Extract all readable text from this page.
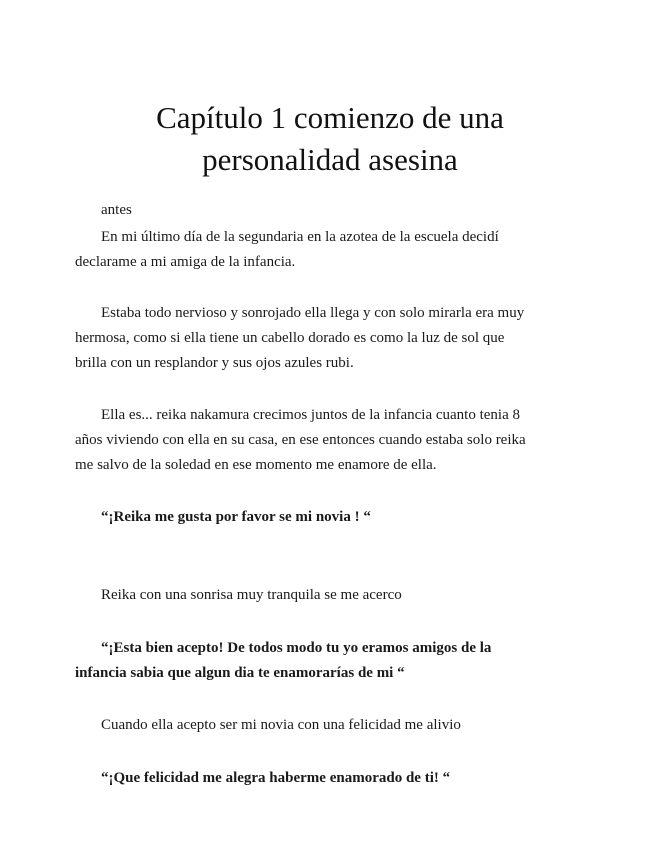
Capítulo 1 comienzo de una
personalidad asesina

antes

En mi último día de la segundaria en la azotea de la escuela decidí

declarame a mi amiga de la infancia.

Estaba todo nervioso y sonrojado ella llega y con solo mirarla era muy

hermosa, como si ella tiene un cabello dorado es como la luz de sol que

brilla con un resplandor y sus ojos azules rubi.

Ella es... reika nakamura crecimos juntos de la infancia cuanto tenia 8

años viviendo con ella en su casa, en ese entonces cuando estaba solo reika

me salvo de la soledad en ese momento me enamore de ella.

“¡Reika me gusta por favor se mi novia ! “

Reika con una sonrisa muy tranquila se me acerco

“¡Esta bien acepto! De todos modo tu yo eramos amigos de la

infancia sabia que algun dia te enamorarías de mi “

Cuando ella acepto ser mi novia con una felicidad me alivio

“¡Que felicidad me alegra haberme enamorado de ti! “
